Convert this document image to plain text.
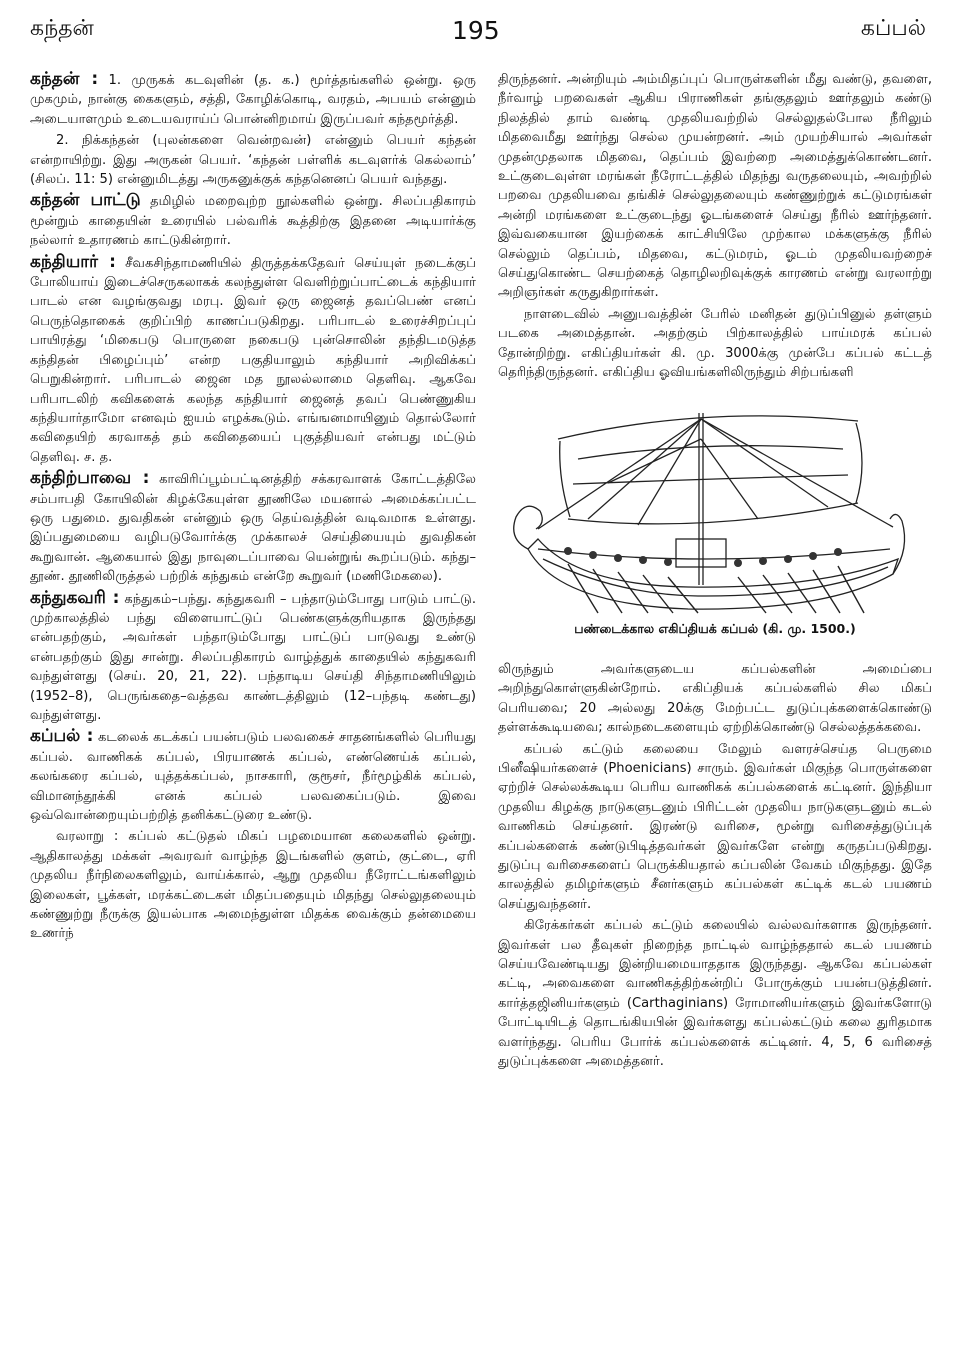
கந்தன்	195	கப்பல்

கந்தன் : 1. முருகக் கடவுளின் (த. க.) மூர்த்தங்களில் ஒன்று. ஒரு முகமும், நான்கு கைகளும், சத்தி, கோழிக்கொடி, வரதம், அபயம் என்னும் அடையாளமும் உடையவராய்ப் பொன்னிறமாய் இருப்பவர் கந்தமூர்த்தி.

2. நிக்கந்தன் (புலன்களை வென்றவன்) என்னும் பெயர் கந்தன் என்றாயிற்று. இது அருகன் பெயர். ‘கந்தன் பள்ளிக் கடவுளர்க் கெல்லாம்’ (சிலப். 11: 5) என்னுமிடத்து அருகனுக்குக் கந்தனெனப் பெயர் வந்தது.

கந்தன் பாட்டு தமிழில் மறைவுற்ற நூல்களில் ஒன்று. சிலப்பதிகாரம் மூன்றும் காதையின் உரையில் பல்வரிக் கூத்திற்கு இதனை அடியார்க்கு நல்லார் உதாரணம் காட்டுகின்றார்.

கந்தியார் : சீவகசிந்தாமணியில் திருத்தக்கதேவர் செய்யுள் நடைக்குப் போலியாய் இடைச்செருகலாகக் கலந்துள்ள வெளிற்றுப்பாட்டைக் கந்தியார் பாடல் என வழங்குவது மரபு. இவர் ஒரு ஜைனத் தவப்பெண் எனப் பெருந்தொகைக் குறிப்பிற் காணப்படுகிறது. பரிபாடல் உரைச்சிறப்புப் பாயிரத்து ‘மிகைபடு பொருளை நகைபடு புன்சொலின் தந்திடமடுத்த கந்திதன் பிழைப்பும்’ என்ற பகுதியாலும் கந்தியார் அறிவிக்கப் பெறுகின்றார். பரிபாடல் ஜைன மத நூலல்லாமை தெளிவு. ஆகவே பரிபாடலிற் கவிகளைக் கலந்த கந்தியார் ஜைனத் தவப் பெண்ணுகிய கந்தியார்தாமோ எனவும் ஐயம் எழக்கூடும். எங்ஙனமாயினும் தொல்லோர் கவிதையிற் கரவாகத் தம் கவிதையைப் புகுத்தியவர் என்பது மட்டும் தெளிவு. ச. த.

கந்திற்பாவை : காவிரிப்பூம்பட்டினத்திற் சக்கரவாளக் கோட்டத்திலே சம்பாபதி கோயிலின் கிழக்கேயுள்ள தூணிலே மயனால் அமைக்கப்பட்ட ஒரு பதுமை. துவதிகன் என்னும் ஒரு தெய்வத்தின் வடிவமாக உள்ளது. இப்பதுமையை வழிபடுவோர்க்கு முக்காலச் செய்தியையும் துவதிகன் கூறுவான். ஆகையால் இது நாவுடைப்பாவை யென்றுங் கூறப்படும். கந்து–தூண். தூணிலிருத்தல் பற்றிக் கந்துகம் என்றே கூறுவர் (மணிமேகலை).

கந்துகவரி : கந்துகம்–பந்து. கந்துகவரி – பந்தாடும்போது பாடும் பாட்டு. முற்காலத்தில் பந்து விளையாட்டுப் பெண்களுக்குரியதாக இருந்தது என்பதற்கும், அவர்கள் பந்தாடும்போது பாட்டுப் பாடுவது உண்டு என்பதற்கும் இது சான்று. சிலப்பதிகாரம் வாழ்த்துக் காதையில் கந்துகவரி வந்துள்ளது (செய். 20, 21, 22). பந்தாடிய செய்தி சிந்தாமணியிலும் (1952–8), பெருங்கதை–வத்தவ காண்டத்திலும் (12–பந்தடி கண்டது) வந்துள்ளது.

கப்பல் : கடலைக் கடக்கப் பயன்படும் பலவகைச் சாதனங்களில் பெரியது கப்பல். வாணிகக் கப்பல், பிரயாணக் கப்பல், எண்ணெய்க் கப்பல், கலங்கரை கப்பல், யுத்தக்கப்பல், நாசகாரி, குரூசர், நீர்மூழ்கிக் கப்பல், விமானந்தூக்கி எனக் கப்பல் பலவகைப்படும். இவை ஒவ்வொன்றையும்பற்றித் தனிக்கட்டுரை உண்டு.

வரலாறு : கப்பல் கட்டுதல் மிகப் பழமையான கலைகளில் ஒன்று. ஆதிகாலத்து மக்கள் அவரவர் வாழ்ந்த இடங்களில் குளம், குட்டை, ஏரி முதலிய நீர்நிலைகளிலும், வாய்க்கால், ஆறு முதலிய நீரோட்டங்களிலும் இலைகள், பூக்கள், மரக்கட்டைகள் மிதப்பதையும் மிதந்து செல்லுதலையும் கண்ணுற்று நீருக்கு இயல்பாக அமைந்துள்ள மிதக்க வைக்கும் தன்மையை உணர்ந்

திருந்தனர். அன்றியும் அம்மிதப்புப் பொருள்களின் மீது வண்டு, தவளை, நீர்வாழ் பறவைகள் ஆகிய பிராணிகள் தங்குதலும் ஊர்தலும் கண்டு நிலத்தில் தாம் வண்டி முதலியவற்றில் செல்லுதல்போல நீரிலும் மிதவைமீது ஊர்ந்து செல்ல முயன்றனர். அம் முயற்சியால் அவர்கள் முதன்முதலாக மிதவை, தெப்பம் இவற்றை அமைத்துக்கொண்டனர். உட்குடைவுள்ள மரங்கள் நீரோட்டத்தில் மிதந்து வருதலையும், அவற்றில் பறவை முதலியவை தங்கிச் செல்லுதலையும் கண்ணுற்றுக் கட்டுமரங்கள் அன்றி மரங்களை உட்குடைந்து ஓடங்களைச் செய்து நீரில் ஊர்ந்தனர். இவ்வகையான இயற்கைக் காட்சியிலே முற்கால மக்களுக்கு நீரில் செல்லும் தெப்பம், மிதவை, கட்டுமரம், ஓடம் முதலியவற்றைச் செய்துகொண்ட செயற்கைத் தொழிலறிவுக்குக் காரணம் என்று வரலாற்று அறிஞர்கள் கருதுகிறார்கள்.

நாளடைவில் அனுபவத்தின் பேரில் மனிதன் துடுப்பினுல் தள்ளும் படகை அமைத்தான். அதற்கும் பிற்காலத்தில் பாய்மரக் கப்பல் தோன்றிற்று. எகிப்தியர்கள் கி. மு. 3000க்கு முன்பே கப்பல் கட்டத் தெரிந்திருந்தனர். எகிப்திய ஓவியங்களிலிருந்தும் சிற்பங்களி

பண்டைக்கால எகிப்தியக் கப்பல் (கி. மு. 1500.)

லிருந்தும் அவர்களுடைய கப்பல்களின் அமைப்பை அறிந்துகொள்ளுகின்றோம். எகிப்தியக் கப்பல்களில் சில மிகப் பெரியவை; 20 அல்லது 20க்கு மேற்பட்ட துடுப்புக்களைக்கொண்டு தள்ளக்கூடியவை; கால்நடைகளையும் ஏற்றிக்கொண்டு செல்லத்தக்கவை.

கப்பல் கட்டும் கலையை மேலும் வளரச்செய்த பெருமை பினீஷியர்களைச் (Phoenicians) சாரும். இவர்கள் மிகுந்த பொருள்களை ஏற்றிச் செல்லக்கூடிய பெரிய வாணிகக் கப்பல்களைக் கட்டினர். இந்தியா முதலிய கிழக்கு நாடுகளுடனும் பிரிட்டன் முதலிய நாடுகளுடனும் கடல் வாணிகம் செய்தனர். இரண்டு வரிசை, மூன்று வரிசைத்துடுப்புக் கப்பல்களைக் கண்டுபிடித்தவர்கள் இவர்களே என்று கருதப்படுகிறது. துடுப்பு வரிசைகளைப் பெருக்கியதால் கப்பலின் வேகம் மிகுந்தது. இதே காலத்தில் தமிழர்களும் சீனர்களும் கப்பல்கள் கட்டிக் கடல் பயணம் செய்துவந்தனர்.

கிரேக்கர்கள் கப்பல் கட்டும் கலையில் வல்லவர்களாக இருந்தனர். இவர்கள் பல தீவுகள் நிறைந்த நாட்டில் வாழ்ந்ததால் கடல் பயணம் செய்யவேண்டியது இன்றியமையாததாக இருந்தது. ஆகவே கப்பல்கள் கட்டி, அவைகளை வாணிகத்திற்கன்றிப் போருக்கும் பயன்படுத்தினர். கார்த்தஜினியர்களும் (Carthaginians) ரோமானியர்களும் இவர்களோடு போட்டியிடத் தொடங்கியபின் இவர்களது கப்பல்கட்டும் கலை துரிதமாக வளர்ந்தது. பெரிய போர்க் கப்பல்களைக் கட்டினர். 4, 5, 6 வரிசைத் துடுப்புக்களை அமைத்தனர்.
